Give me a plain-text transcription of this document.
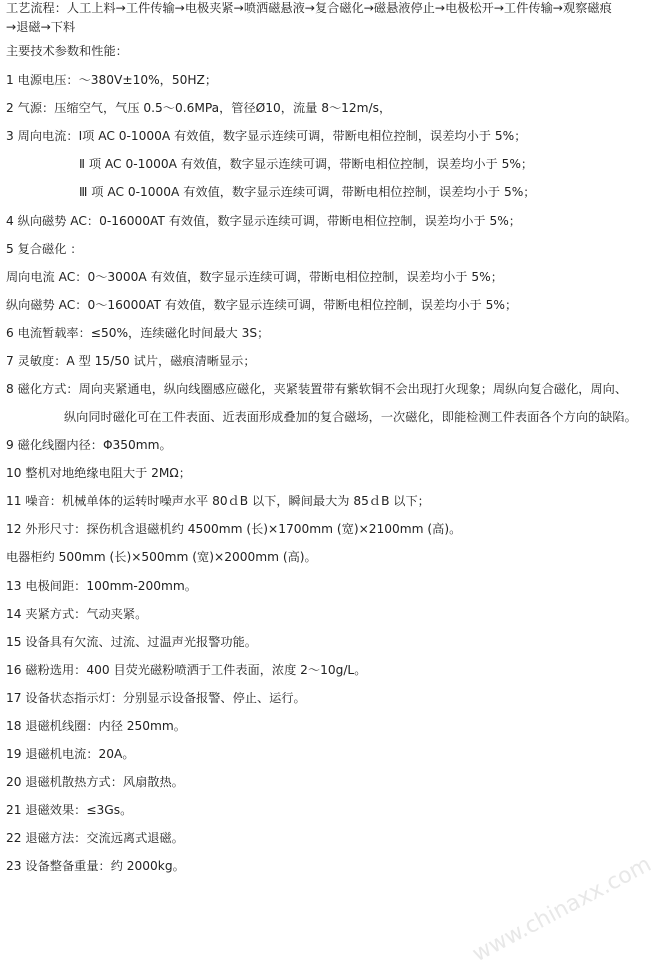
工艺流程：人工上料→工件传输→电极夹紧→喷洒磁悬液→复合磁化→磁悬液停止→电极松开→工件传输→观察磁痕
→退磁→下料
主要技术参数和性能：
1 电源电压：～380V±10%，50HZ；
2 气源：压缩空气，气压 0.5～0.6MPa，管径Ø10，流量 8～12m/s，
3 周向电流：Ⅰ项 AC 0-1000A 有效值，数字显示连续可调，带断电相位控制，误差均小于 5%；
Ⅱ 项 AC 0-1000A 有效值，数字显示连续可调，带断电相位控制，误差均小于 5%；
Ⅲ 项 AC 0-1000A 有效值，数字显示连续可调，带断电相位控制，误差均小于 5%；
4 纵向磁势 AC：0-16000AT 有效值，数字显示连续可调，带断电相位控制，误差均小于 5%；
5 复合磁化 ：
周向电流 AC：0～3000A 有效值，数字显示连续可调，带断电相位控制，误差均小于 5%；
纵向磁势 AC：0～16000AT 有效值，数字显示连续可调，带断电相位控制，误差均小于 5%；
6 电流暂载率：≤50%，连续磁化时间最大 3S；
7 灵敏度：A 型 15/50 试片，磁痕清晰显示；
8 磁化方式：周向夹紧通电，纵向线圈感应磁化，夹紧装置带有紫软铜不会出现打火现象；周纵向复合磁化，周向、
纵向同时磁化可在工件表面、近表面形成叠加的复合磁场，一次磁化，即能检测工件表面各个方向的缺陷。
9 磁化线圈内径：Φ350mm。
10 整机对地绝缘电阻大于 2MΩ；
11 噪音：机械单体的运转时噪声水平 80ｄB 以下，瞬间最大为 85ｄB 以下；
12 外形尺寸：探伤机含退磁机约 4500mm (长)×1700mm (宽)×2100mm (高)。
电器柜约 500mm (长)×500mm (宽)×2000mm (高)。
13 电极间距：100mm-200mm。
14 夹紧方式：气动夹紧。
15 设备具有欠流、过流、过温声光报警功能。
16 磁粉选用：400 目荧光磁粉喷洒于工件表面，浓度 2～10g/L。
17 设备状态指示灯：分别显示设备报警、停止、运行。
18 退磁机线圈：内径 250mm。
19 退磁机电流：20A。
20 退磁机散热方式：风扇散热。
21 退磁效果：≤3Gs。
22 退磁方法：交流远离式退磁。
23 设备整备重量：约 2000kg。	www.chinaxx.com
